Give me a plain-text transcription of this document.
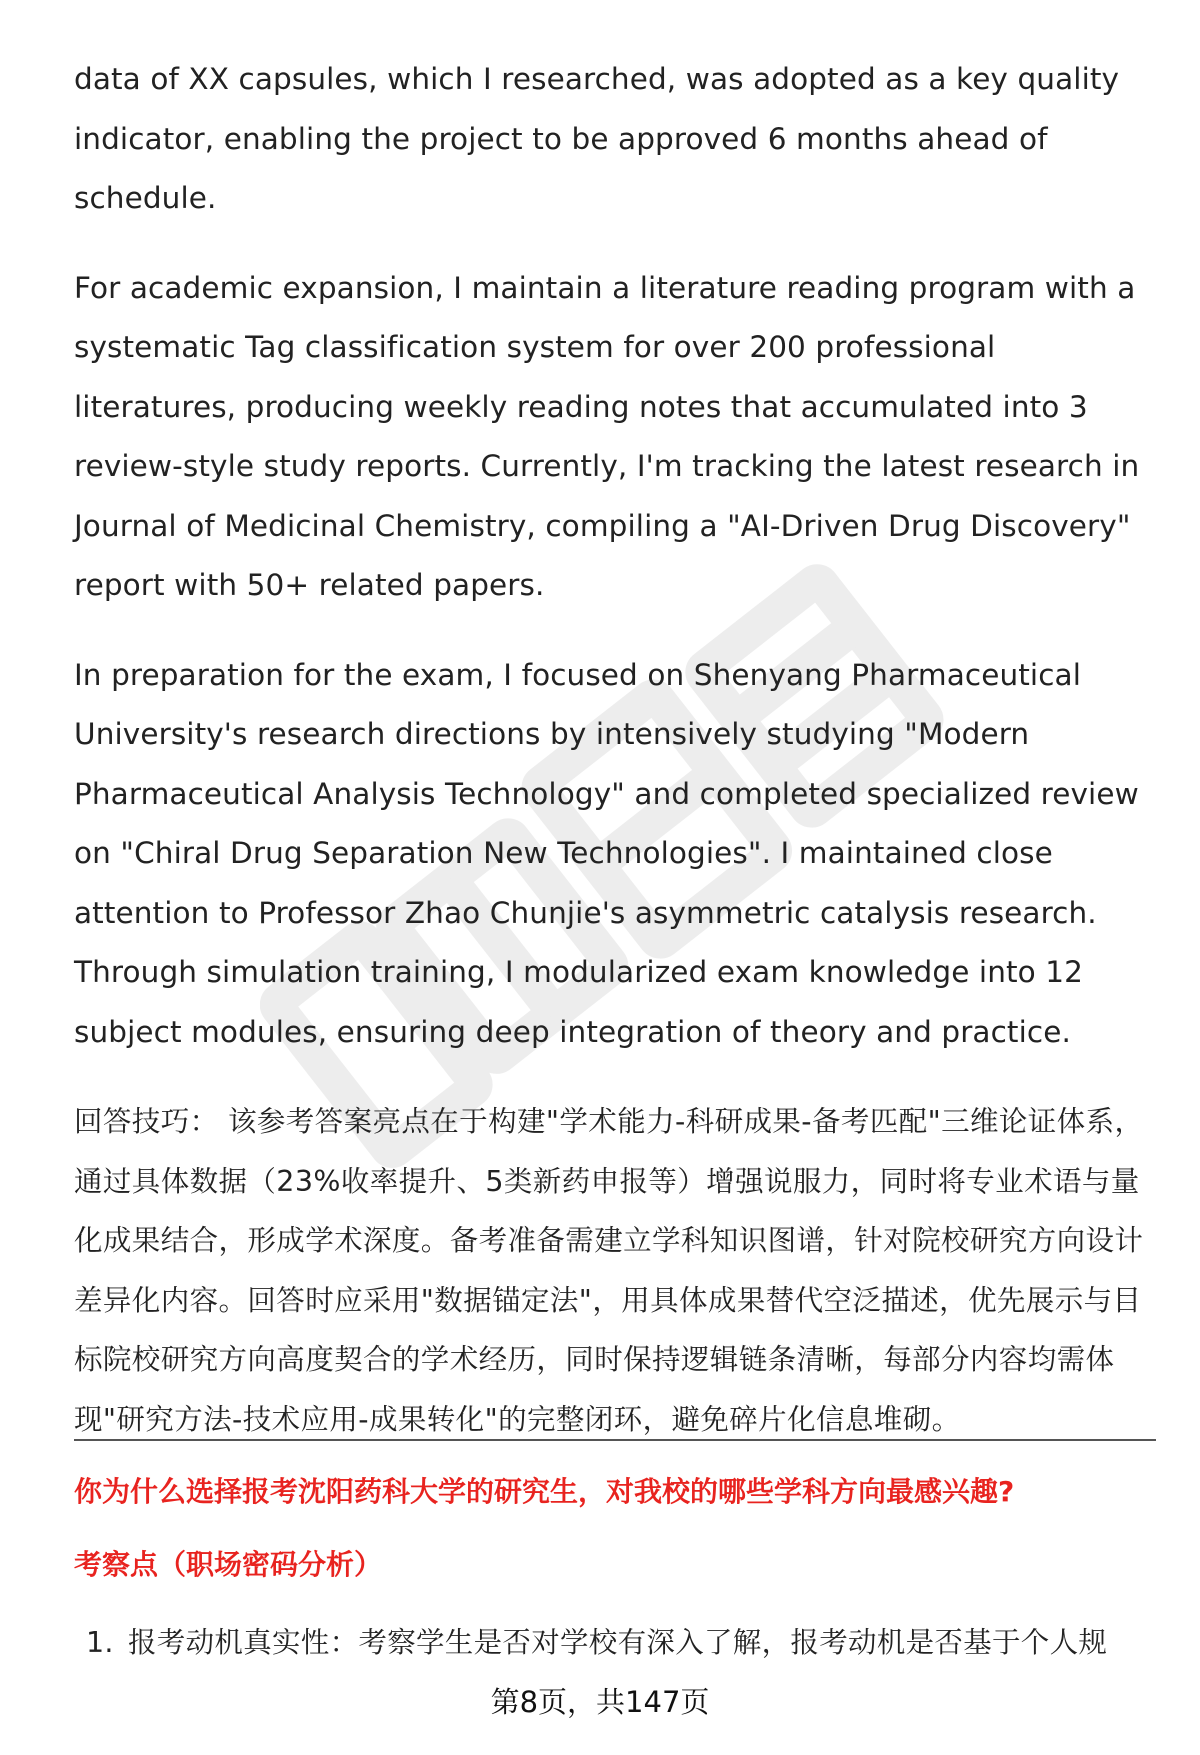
data of XX capsules, which I researched, was adopted as a key quality indicator, enabling the project to be approved 6 months ahead of schedule.

For academic expansion, I maintain a literature reading program with a systematic Tag classification system for over 200 professional literatures, producing weekly reading notes that accumulated into 3 review-style study reports. Currently, I'm tracking the latest research in Journal of Medicinal Chemistry, compiling a "AI-Driven Drug Discovery" report with 50+ related papers.

In preparation for the exam, I focused on Shenyang Pharmaceutical University's research directions by intensively studying "Modern Pharmaceutical Analysis Technology" and completed specialized review on "Chiral Drug Separation New Technologies". I maintained close attention to Professor Zhao Chunjie's asymmetric catalysis research. Through simulation training, I modularized exam knowledge into 12 subject modules, ensuring deep integration of theory and practice.

回答技巧： 该参考答案亮点在于构建"学术能力-科研成果-备考匹配"三维论证体系，通过具体数据（23%收率提升、5类新药申报等）增强说服力，同时将专业术语与量化成果结合，形成学术深度。备考准备需建立学科知识图谱，针对院校研究方向设计差异化内容。回答时应采用"数据锚定法"，用具体成果替代空泛描述，优先展示与目标院校研究方向高度契合的学术经历，同时保持逻辑链条清晰，每部分内容均需体现"研究方法-技术应用-成果转化"的完整闭环，避免碎片化信息堆砌。

你为什么选择报考沈阳药科大学的研究生，对我校的哪些学科方向最感兴趣?
考察点（职场密码分析）
1. 报考动机真实性：考察学生是否对学校有深入了解，报考动机是否基于个人规
第8页，共147页
